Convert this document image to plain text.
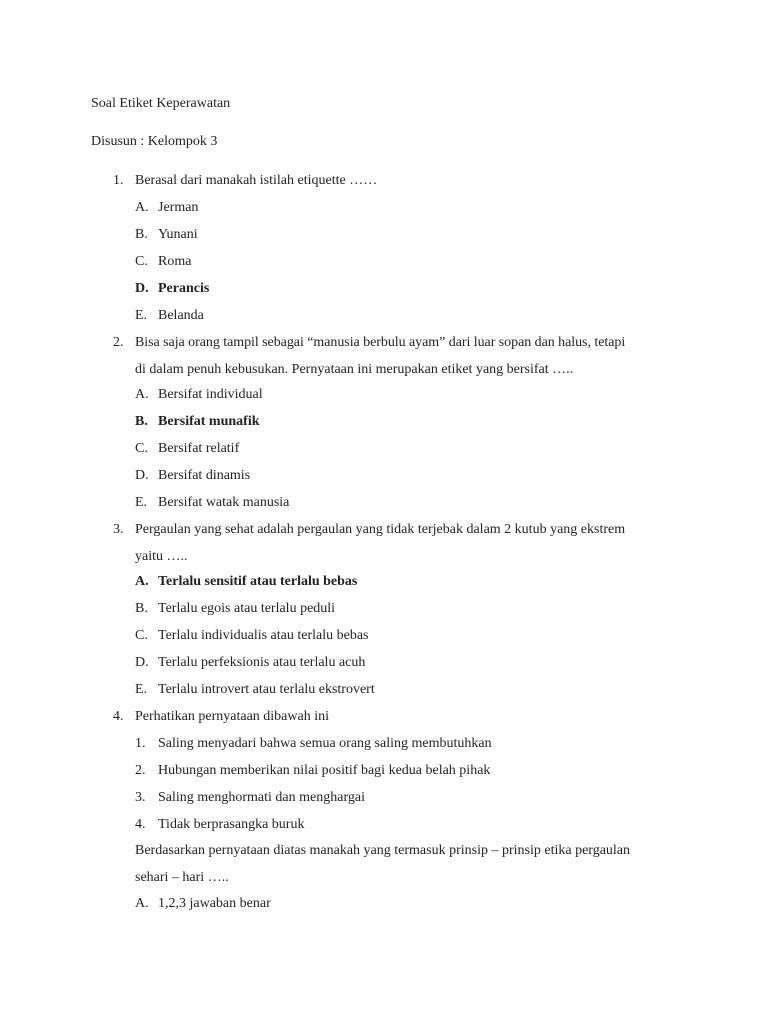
Soal Etiket Keperawatan
Disusun : Kelompok 3
1. Berasal dari manakah istilah etiquette ……
A. Jerman
B. Yunani
C. Roma
D. Perancis
E. Belanda
2. Bisa saja orang tampil sebagai “manusia berbulu ayam” dari luar sopan dan halus, tetapi
di dalam penuh kebusukan. Pernyataan ini merupakan etiket yang bersifat …..
A. Bersifat individual
B. Bersifat munafik
C. Bersifat relatif
D. Bersifat dinamis
E. Bersifat watak manusia
3. Pergaulan yang sehat adalah pergaulan yang tidak terjebak dalam 2 kutub yang ekstrem
yaitu …..
A. Terlalu sensitif atau terlalu bebas
B. Terlalu egois atau terlalu peduli
C. Terlalu individualis atau terlalu bebas
D. Terlalu perfeksionis atau terlalu acuh
E. Terlalu introvert atau terlalu ekstrovert
4. Perhatikan pernyataan dibawah ini
1. Saling menyadari bahwa semua orang saling membutuhkan
2. Hubungan memberikan nilai positif bagi kedua belah pihak
3. Saling menghormati dan menghargai
4. Tidak berprasangka buruk
Berdasarkan pernyataan diatas manakah yang termasuk prinsip – prinsip etika pergaulan
sehari – hari …..
A. 1,2,3 jawaban benar
